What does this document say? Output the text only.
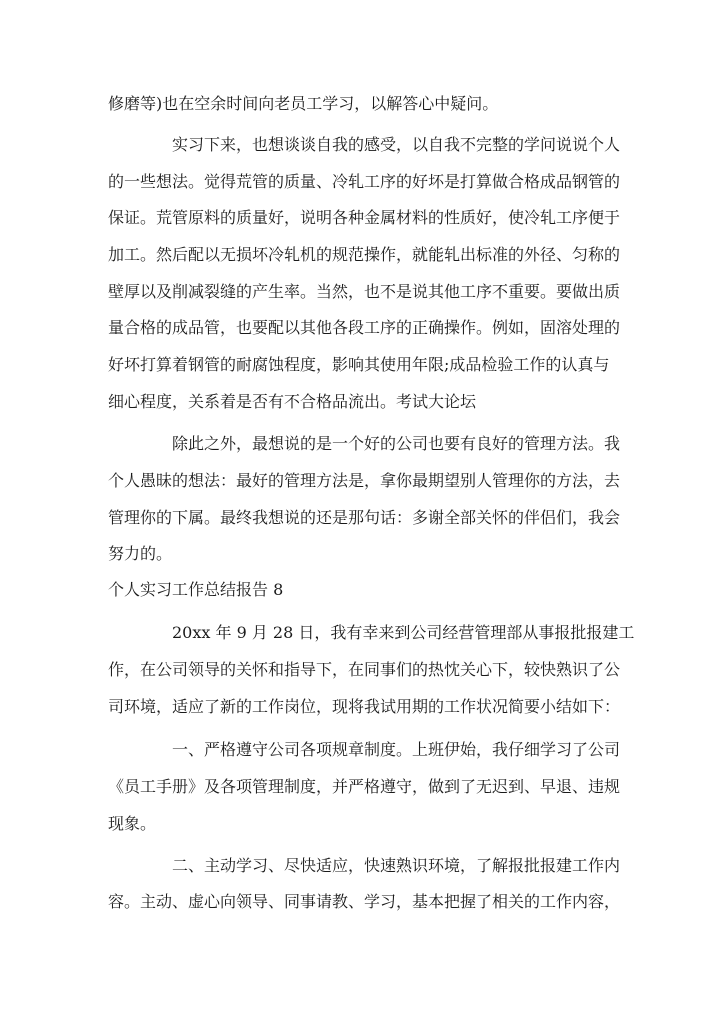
修磨等)也在空余时间向老员工学习，以解答心中疑问。
实习下来，也想谈谈自我的感受，以自我不完整的学问说说个人
的一些想法。觉得荒管的质量、冷轧工序的好坏是打算做合格成品钢管的
保证。荒管原料的质量好，说明各种金属材料的性质好，使冷轧工序便于
加工。然后配以无损坏冷轧机的规范操作，就能轧出标准的外径、匀称的
壁厚以及削减裂缝的产生率。当然，也不是说其他工序不重要。要做出质
量合格的成品管，也要配以其他各段工序的正确操作。例如，固溶处理的
好坏打算着钢管的耐腐蚀程度，影响其使用年限;成品检验工作的认真与
细心程度，关系着是否有不合格品流出。考试大论坛
除此之外，最想说的是一个好的公司也要有良好的管理方法。我
个人愚昧的想法：最好的管理方法是，拿你最期望别人管理你的方法，去
管理你的下属。最终我想说的还是那句话：多谢全部关怀的伴侣们，我会
努力的。
个人实习工作总结报告 8
20xx 年 9 月 28 日，我有幸来到公司经营管理部从事报批报建工
作，在公司领导的关怀和指导下，在同事们的热忱关心下，较快熟识了公
司环境，适应了新的工作岗位，现将我试用期的工作状况简要小结如下：
一、严格遵守公司各项规章制度。上班伊始，我仔细学习了公司
《员工手册》及各项管理制度，并严格遵守，做到了无迟到、早退、违规
现象。
二、主动学习、尽快适应，快速熟识环境，了解报批报建工作内
容。主动、虚心向领导、同事请教、学习，基本把握了相关的工作内容，
